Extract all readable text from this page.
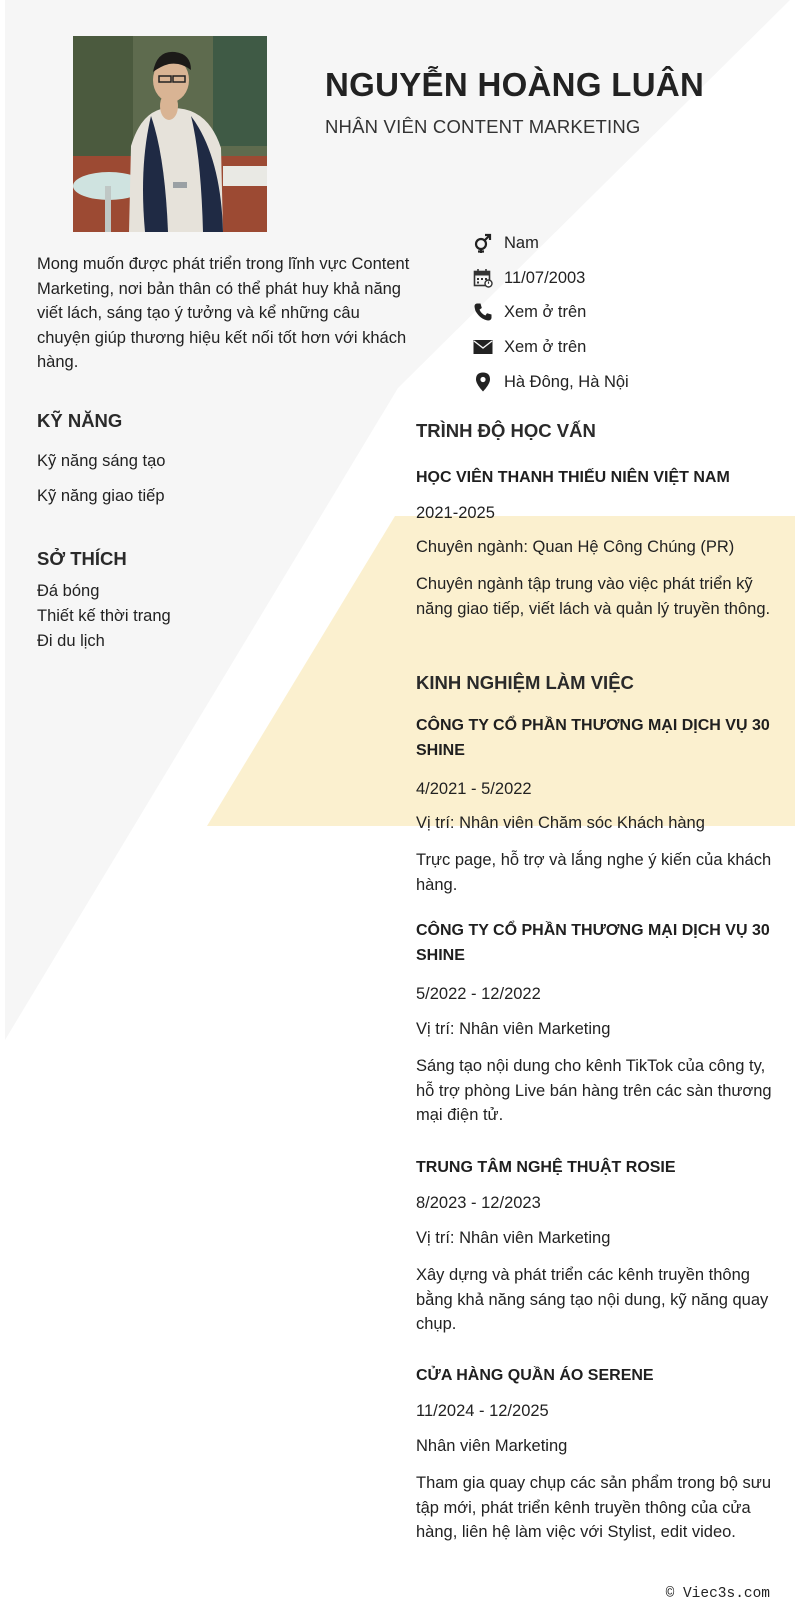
NGUYỄN HOÀNG LUÂN
NHÂN VIÊN CONTENT MARKETING
Mong muốn được phát triển trong lĩnh vực Content Marketing, nơi bản thân có thể phát huy khả năng viết lách, sáng tạo ý tưởng và kể những câu chuyện giúp thương hiệu kết nối tốt hơn với khách hàng.
Nam
11/07/2003
Xem ở trên
Xem ở trên
Hà Đông, Hà Nội
KỸ NĂNG
Kỹ năng sáng tạo
Kỹ năng giao tiếp
SỞ THÍCH
Đá bóng
Thiết kế thời trang
Đi du lịch
TRÌNH ĐỘ HỌC VẤN
HỌC VIÊN THANH THIẾU NIÊN VIỆT NAM
2021-2025
Chuyên ngành: Quan Hệ Công Chúng (PR)
Chuyên ngành tập trung vào việc phát triển kỹ năng giao tiếp, viết lách và quản lý truyền thông.
KINH NGHIỆM LÀM VIỆC
CÔNG TY CỔ PHẦN THƯƠNG MẠI DỊCH VỤ 30 SHINE
4/2021 - 5/2022
Vị trí: Nhân viên Chăm sóc Khách hàng
Trực page, hỗ trợ và lắng nghe ý kiến của khách hàng.
CÔNG TY CỔ PHẦN THƯƠNG MẠI DỊCH VỤ 30 SHINE
5/2022 - 12/2022
Vị trí: Nhân viên Marketing
Sáng tạo nội dung cho kênh TikTok của công ty, hỗ trợ phòng Live bán hàng trên các sàn thương mại điện tử.
TRUNG TÂM NGHỆ THUẬT ROSIE
8/2023 - 12/2023
Vị trí: Nhân viên Marketing
Xây dựng và phát triển các kênh truyền thông bằng khả năng sáng tạo nội dung, kỹ năng quay chụp.
CỬA HÀNG QUẦN ÁO SERENE
11/2024 - 12/2025
Nhân viên Marketing
Tham gia quay chụp các sản phẩm trong bộ sưu tập mới, phát triển kênh truyền thông của cửa hàng, liên hệ làm việc với Stylist, edit video.
© Viec3s.com
